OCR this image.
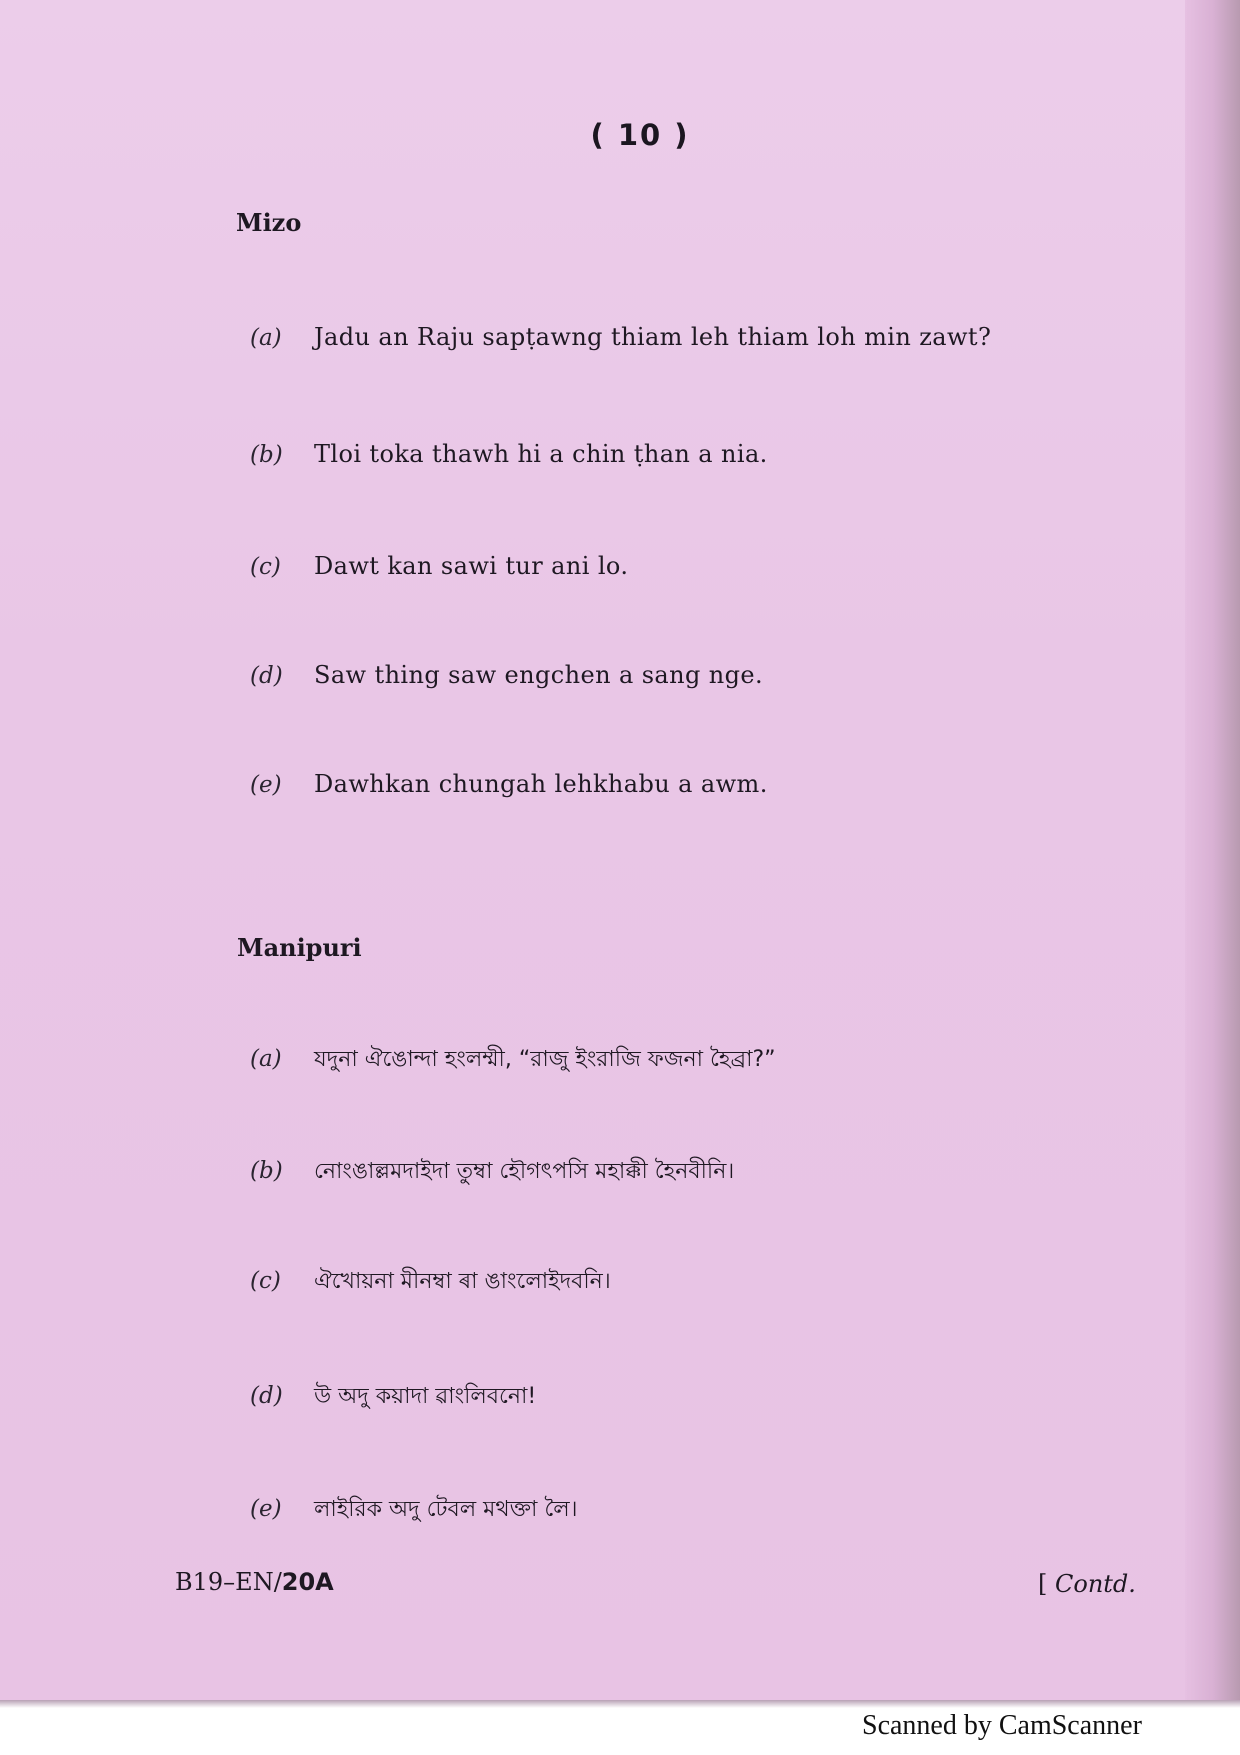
( 10 )
Mizo
(a) Jadu an Raju sapṭawng thiam leh thiam loh min zawt?
(b) Tloi toka thawh hi a chin ṭhan a nia.
(c) Dawt kan sawi tur ani lo.
(d) Saw thing saw engchen a sang nge.
(e) Dawhkan chungah lehkhabu a awm.
Manipuri
(a) যদুনা ঐঙোন্দা হংলম্মী, “রাজু ইংরাজি ফজনা হৈব্রা?”
(b) নোংঙাল্লমদাইদা তুম্বা হৌগৎপসি মহাক্কী হৈনবীনি।
(c) ঐখোয়না মীনম্বা ৰা ঙাংলোইদবনি।
(d) উ অদু কয়াদা ৱাংলিবনো!
(e) লাইরিক অদু টেবল মথক্তা লৈ।
B19–EN/20A	[ Contd.
Scanned by CamScanner
